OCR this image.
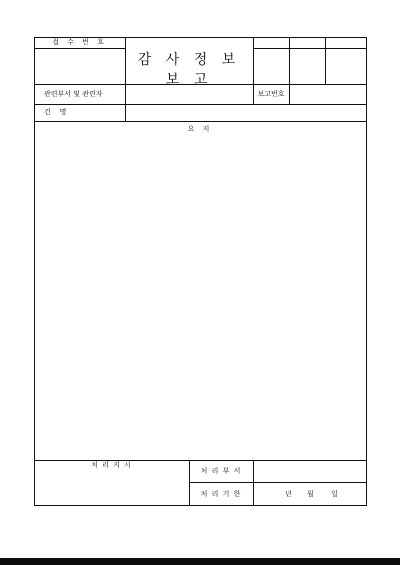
접 수 번 호
감 사 정 보 보 고
관련부서 및 관련자	보고번호
건    명
요 지
처 리 지 시
처 리 부 서
처 리 기 한	년 월 일
